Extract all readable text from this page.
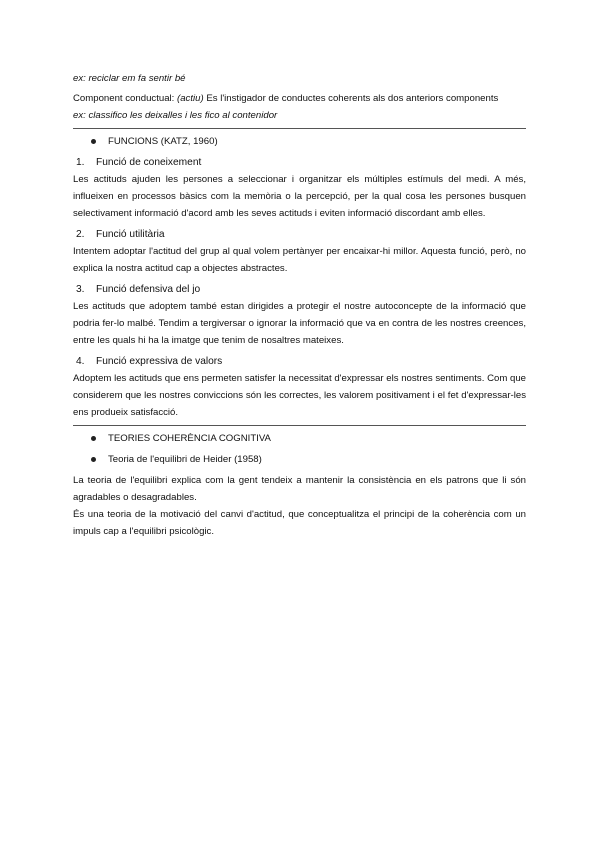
ex: reciclar em fa sentir bé

Component conductual: (actiu) Es l'instigador de conductes coherents als dos anteriors components

ex: classifico les deixalles i les fico al contenidor

FUNCIONS (KATZ, 1960)
1.	Funció de coneixement

Les actituds ajuden les persones a seleccionar i organitzar els múltiples estímuls del medi. A més, influeixen en processos bàsics com la memòria o la percepció, per la qual cosa les persones busquen selectivament informació d'acord amb les seves actituds i eviten informació discordant amb elles.

2.	Funció utilitària

Intentem adoptar l'actitud del grup al qual volem pertànyer per encaixar-hi millor. Aquesta funció, però, no explica la nostra actitud cap a objectes abstractes.

3.	Funció defensiva del jo

Les actituds que adoptem també estan dirigides a protegir el nostre autoconcepte de la informació que podria fer-lo malbé. Tendim a tergiversar o ignorar la informació que va en contra de les nostres creences, entre les quals hi ha la imatge que tenim de nosaltres mateixes.

4.	Funció expressiva de valors

Adoptem les actituds que ens permeten satisfer la necessitat d'expressar els nostres sentiments. Com que considerem que les nostres conviccions són les correctes, les valorem positivament i el fet d'expressar-les ens produeix satisfacció.

TEORIES COHERÈNCIA COGNITIVA
Teoria de l'equilibri de Heider (1958)

La teoria de l'equilibri explica com la gent tendeix a mantenir la consistència en els patrons que li són agradables o desagradables.

És una teoria de la motivació del canvi d'actitud, que conceptualitza el principi de la coherència com un impuls cap a l'equilibri psicològic.
